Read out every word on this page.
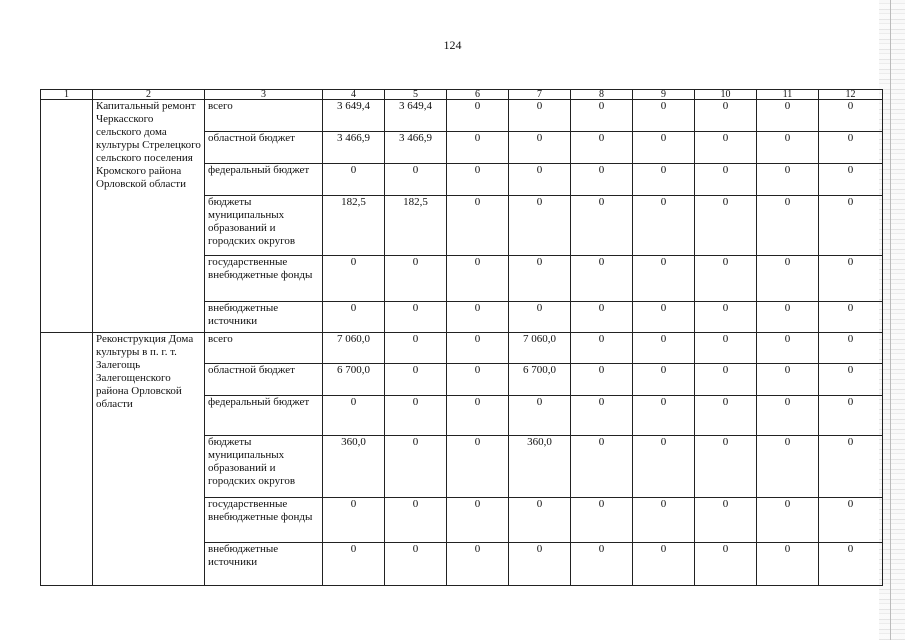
124
1	2	3	4	5	6	7	8	9	10	11	12
	Капитальный ремонт Черкасского сельского дома культуры Стрелецкого сельского поселения Кромского района Орловской области	всего	3 649,4	3 649,4	0	0	0	0	0	0	0
		областной бюджет	3 466,9	3 466,9	0	0	0	0	0	0	0
		федеральный бюджет	0	0	0	0	0	0	0	0	0
		бюджеты муниципальных образований и городских округов	182,5	182,5	0	0	0	0	0	0	0
		государственные внебюджетные фонды	0	0	0	0	0	0	0	0	0
		внебюджетные источники	0	0	0	0	0	0	0	0	0
	Реконструкция Дома культуры в п. г. т. Залегощь Залегощенского района Орловской области	всего	7 060,0	0	0	7 060,0	0	0	0	0	0
		областной бюджет	6 700,0	0	0	6 700,0	0	0	0	0	0
		федеральный бюджет	0	0	0	0	0	0	0	0	0
		бюджеты муниципальных образований и городских округов	360,0	0	0	360,0	0	0	0	0	0
		государственные внебюджетные фонды	0	0	0	0	0	0	0	0	0
		внебюджетные источники	0	0	0	0	0	0	0	0	0
